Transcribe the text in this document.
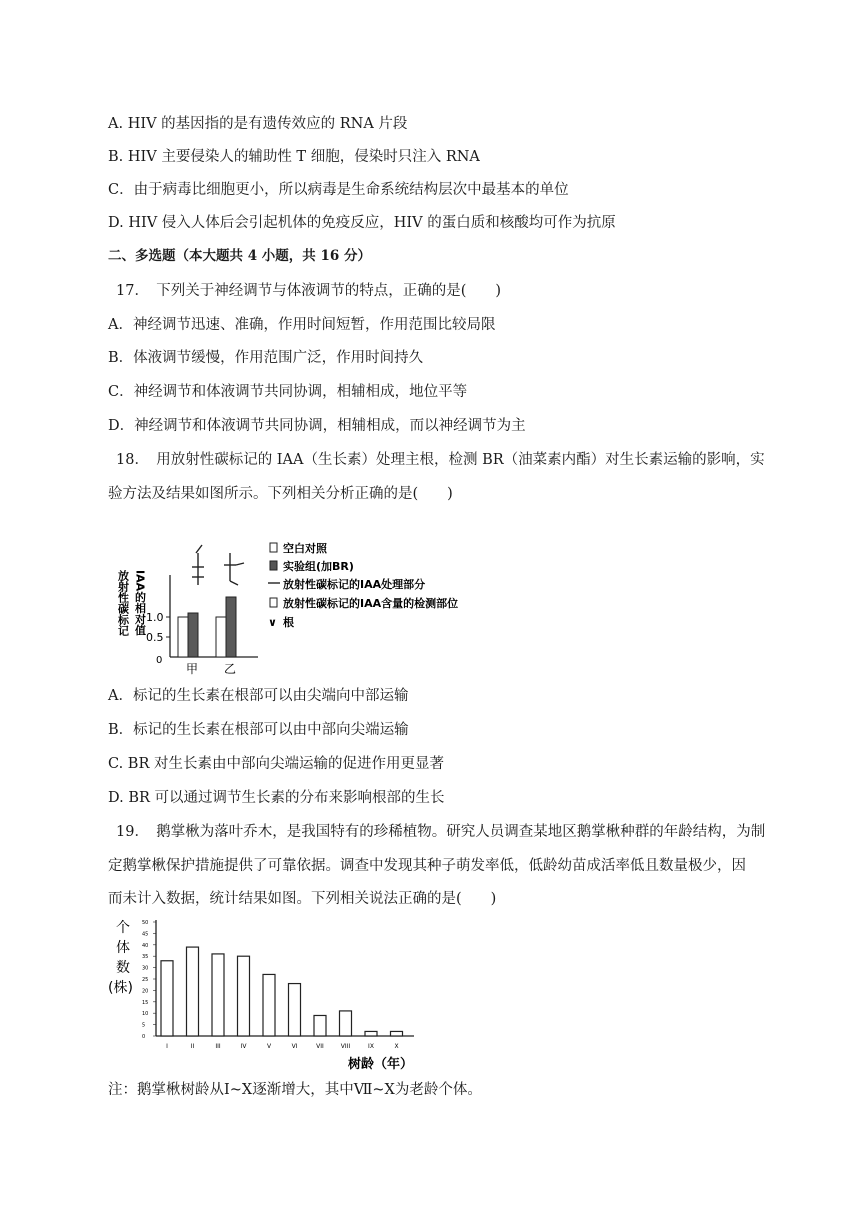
A. HIV 的基因指的是有遗传效应的 RNA 片段
B. HIV 主要侵染人的辅助性 T 细胞，侵染时只注入 RNA
C．由于病毒比细胞更小，所以病毒是生命系统结构层次中最基本的单位
D. HIV 侵入人体后会引起机体的免疫反应，HIV 的蛋白质和核酸均可作为抗原
二、多选题（本大题共 4 小题，共 16 分）
17．　下列关于神经调节与体液调节的特点，正确的是(　　)
A．神经调节迅速、准确，作用时间短暂，作用范围比较局限
B．体液调节缓慢，作用范围广泛，作用时间持久
C．神经调节和体液调节共同协调，相辅相成，地位平等
D．神经调节和体液调节共同协调，相辅相成，而以神经调节为主
18．　用放射性碳标记的 IAA（生长素）处理主根，检测 BR（油菜素内酯）对生长素运输的影响，实
验方法及结果如图所示。下列相关分析正确的是(　　)
放射性碳标记 IAA的相对值 1.0
0.5
0
甲 乙
空白对照
实验组(加BR)
放射性碳标记的IAA处理部分
放射性碳标记的IAA含量的检测部位
∨ 根
A．标记的生长素在根部可以由尖端向中部运输
B．标记的生长素在根部可以由中部向尖端运输
C. BR 对生长素由中部向尖端运输的促进作用更显著
D. BR 可以通过调节生长素的分布来影响根部的生长
19．　鹅掌楸为落叶乔木，是我国特有的珍稀植物。研究人员调查某地区鹅掌楸种群的年龄结构，为制
定鹅掌楸保护措施提供了可靠依据。调查中发现其种子萌发率低，低龄幼苗成活率低且数量极少，因
而未计入数据，统计结果如图。下列相关说法正确的是(　　)
个
体
数
(株)
50
45
40
35
30
25
20
15
10
5
0
I	II	III	IV	V	VI	VII	VIII	IX	X
树龄（年）
注：鹅掌楸树龄从Ⅰ~Ⅹ逐渐增大，其中Ⅶ~Ⅹ为老龄个体。
